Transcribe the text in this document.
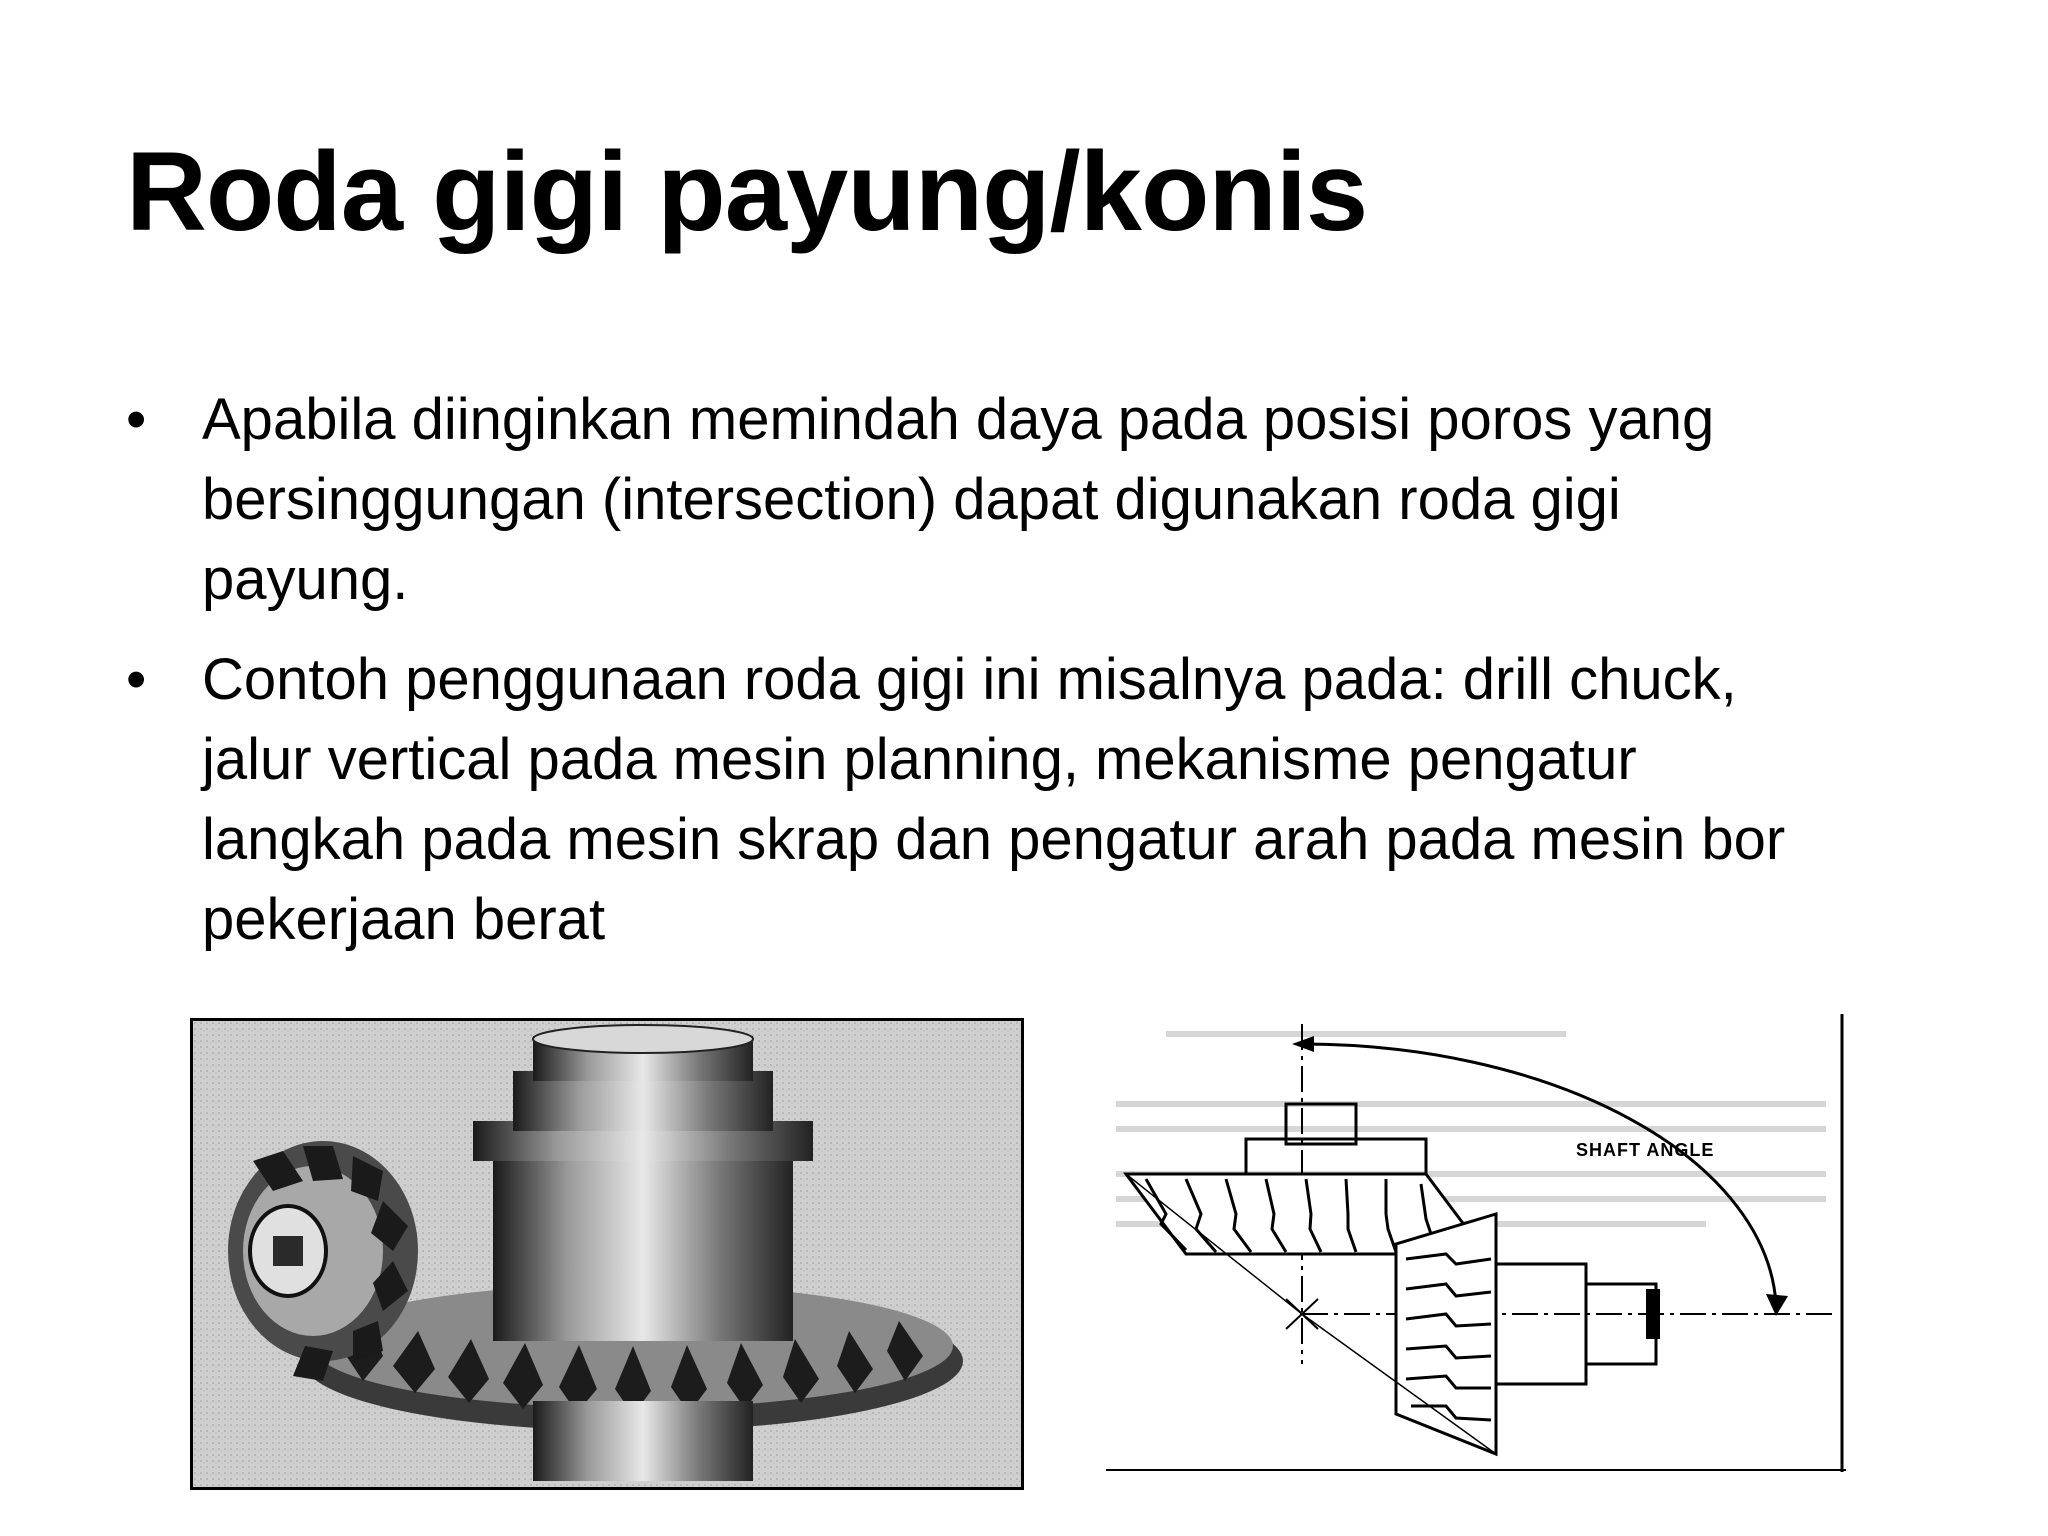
Roda gigi payung/konis
• Apabila diinginkan memindah daya pada posisi poros yang
bersinggungan (intersection) dapat digunakan roda gigi
payung.
• Contoh penggunaan roda gigi ini misalnya pada: drill chuck,
jalur vertical pada mesin planning, mekanisme pengatur
langkah pada mesin skrap dan pengatur arah pada mesin bor
pekerjaan berat
SHAFT ANGLE
